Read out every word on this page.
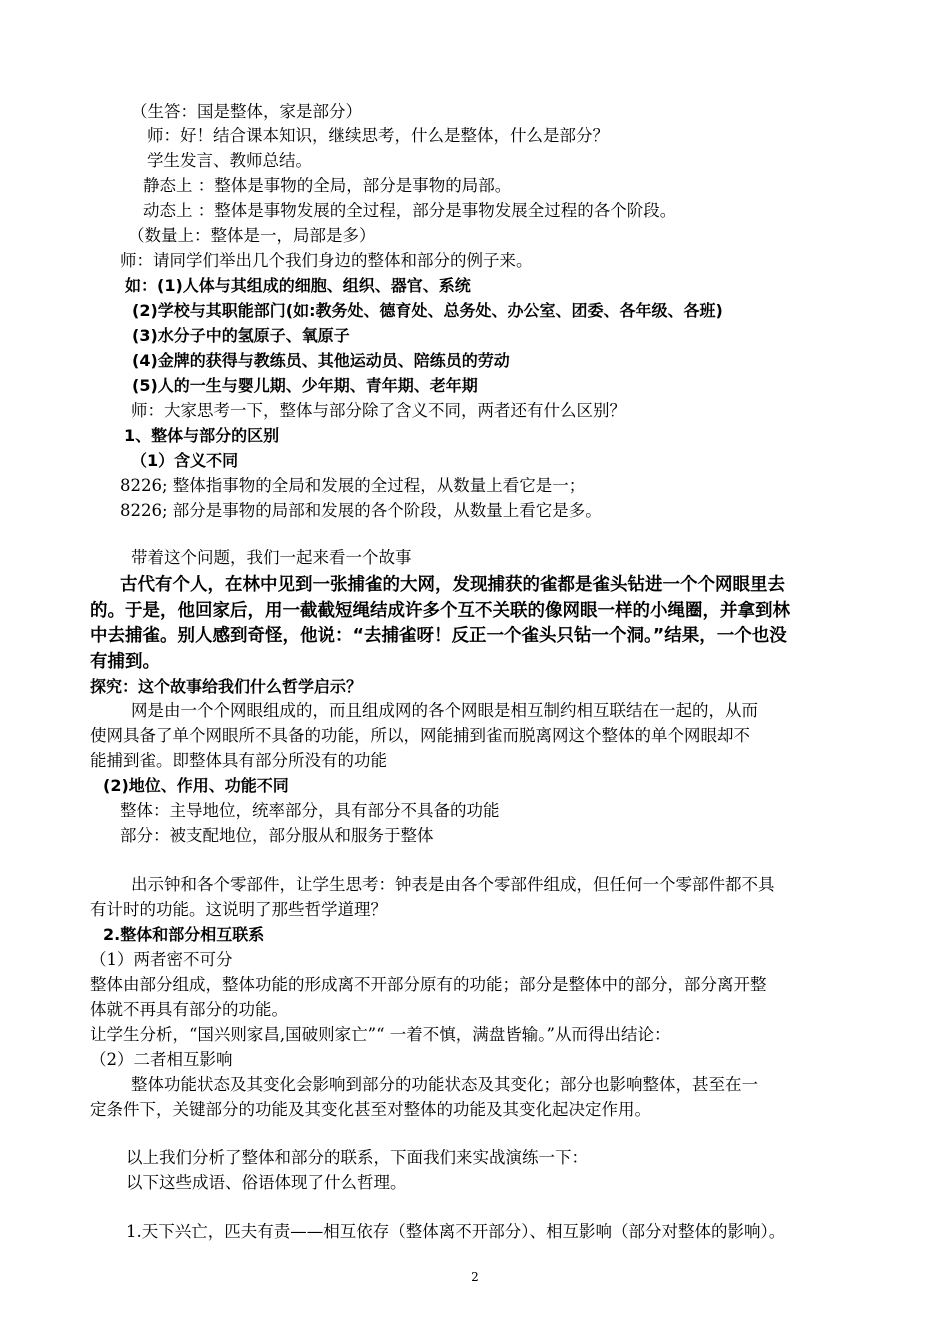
（生答：国是整体，家是部分）
师：好！结合课本知识，继续思考，什么是整体，什么是部分？
学生发言、教师总结。
静态上 ：整体是事物的全局，部分是事物的局部。
动态上 ：整体是事物发展的全过程，部分是事物发展全过程的各个阶段。
（数量上：整体是一，局部是多）
师：请同学们举出几个我们身边的整体和部分的例子来。
如：(1)人体与其组成的细胞、组织、器官、系统
(2)学校与其职能部门(如:教务处、德育处、总务处、办公室、团委、各年级、各班)
(3)水分子中的氢原子、氧原子
(4)金牌的获得与教练员、其他运动员、陪练员的劳动
(5)人的一生与婴儿期、少年期、青年期、老年期
师：大家思考一下，整体与部分除了含义不同，两者还有什么区别？
1、整体与部分的区别
（1）含义不同
8226; 整体指事物的全局和发展的全过程，从数量上看它是一；
8226; 部分是事物的局部和发展的各个阶段，从数量上看它是多。
带着这个问题，我们一起来看一个故事
古代有个人，在林中见到一张捕雀的大网，发现捕获的雀都是雀头钻进一个个网眼里去
的。于是，他回家后，用一截截短绳结成许多个互不关联的像网眼一样的小绳圈，并拿到林
中去捕雀。别人感到奇怪，他说：“去捕雀呀！反正一个雀头只钻一个洞。”结果，一个也没
有捕到。
探究：这个故事给我们什么哲学启示？
网是由一个个网眼组成的，而且组成网的各个网眼是相互制约相互联结在一起的，从而
使网具备了单个网眼所不具备的功能，所以，网能捕到雀而脱离网这个整体的单个网眼却不
能捕到雀。即整体具有部分所没有的功能
(2)地位、作用、功能不同
整体：主导地位，统率部分，具有部分不具备的功能
部分：被支配地位，部分服从和服务于整体
出示钟和各个零部件，让学生思考：钟表是由各个零部件组成，但任何一个零部件都不具
有计时的功能。这说明了那些哲学道理？
2.整体和部分相互联系
（1）两者密不可分
整体由部分组成，整体功能的形成离不开部分原有的功能；部分是整体中的部分，部分离开整
体就不再具有部分的功能。
让学生分析，“国兴则家昌,国破则家亡”“ 一着不慎，满盘皆输。”从而得出结论：
（2）二者相互影响
整体功能状态及其变化会影响到部分的功能状态及其变化；部分也影响整体，甚至在一
定条件下，关键部分的功能及其变化甚至对整体的功能及其变化起决定作用。
以上我们分析了整体和部分的联系，下面我们来实战演练一下：
以下这些成语、俗语体现了什么哲理。
1.天下兴亡，匹夫有责——相互依存（整体离不开部分）、相互影响（部分对整体的影响）。
2
